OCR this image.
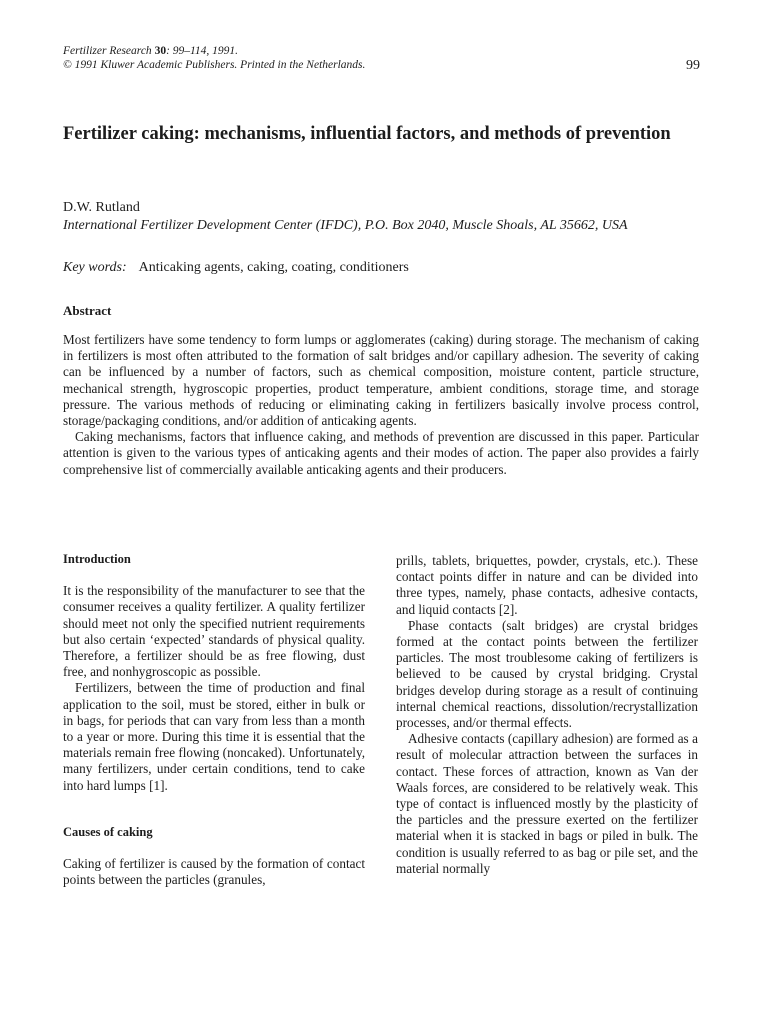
Fertilizer Research 30: 99–114, 1991.
© 1991 Kluwer Academic Publishers. Printed in the Netherlands.	99
Fertilizer caking: mechanisms, influential factors, and methods of prevention
D.W. Rutland
International Fertilizer Development Center (IFDC), P.O. Box 2040, Muscle Shoals, AL 35662, USA
Key words: Anticaking agents, caking, coating, conditioners
Abstract

Most fertilizers have some tendency to form lumps or agglomerates (caking) during storage. The mechanism of caking in fertilizers is most often attributed to the formation of salt bridges and/or capillary adhesion. The severity of caking can be influenced by a number of factors, such as chemical composition, moisture content, particle structure, mechanical strength, hygroscopic properties, product temperature, ambient conditions, storage time, and storage pressure. The various methods of reducing or eliminating caking in fertilizers basically involve process control, storage/packaging conditions, and/or addition of anticaking agents.

Caking mechanisms, factors that influence caking, and methods of prevention are discussed in this paper. Particular attention is given to the various types of anticaking agents and their modes of action. The paper also provides a fairly comprehensive list of commercially available anticaking agents and their producers.

Introduction

It is the responsibility of the manufacturer to see that the consumer receives a quality fertilizer. A quality fertilizer should meet not only the specified nutrient requirements but also certain ‘expected’ standards of physical quality. Therefore, a fertilizer should be as free flowing, dust free, and nonhygroscopic as possible.

Fertilizers, between the time of production and final application to the soil, must be stored, either in bulk or in bags, for periods that can vary from less than a month to a year or more. During this time it is essential that the materials remain free flowing (noncaked). Unfortunately, many fertilizers, under certain conditions, tend to cake into hard lumps [1].

Causes of caking

Caking of fertilizer is caused by the formation of contact points between the particles (granules,

prills, tablets, briquettes, powder, crystals, etc.). These contact points differ in nature and can be divided into three types, namely, phase contacts, adhesive contacts, and liquid contacts [2].

Phase contacts (salt bridges) are crystal bridges formed at the contact points between the fertilizer particles. The most troublesome caking of fertilizers is believed to be caused by crystal bridging. Crystal bridges develop during storage as a result of continuing internal chemical reactions, dissolution/recrystallization processes, and/or thermal effects.

Adhesive contacts (capillary adhesion) are formed as a result of molecular attraction between the surfaces in contact. These forces of attraction, known as Van der Waals forces, are considered to be relatively weak. This type of contact is influenced mostly by the plasticity of the particles and the pressure exerted on the fertilizer material when it is stacked in bags or piled in bulk. The condition is usually referred to as bag or pile set, and the material normally
